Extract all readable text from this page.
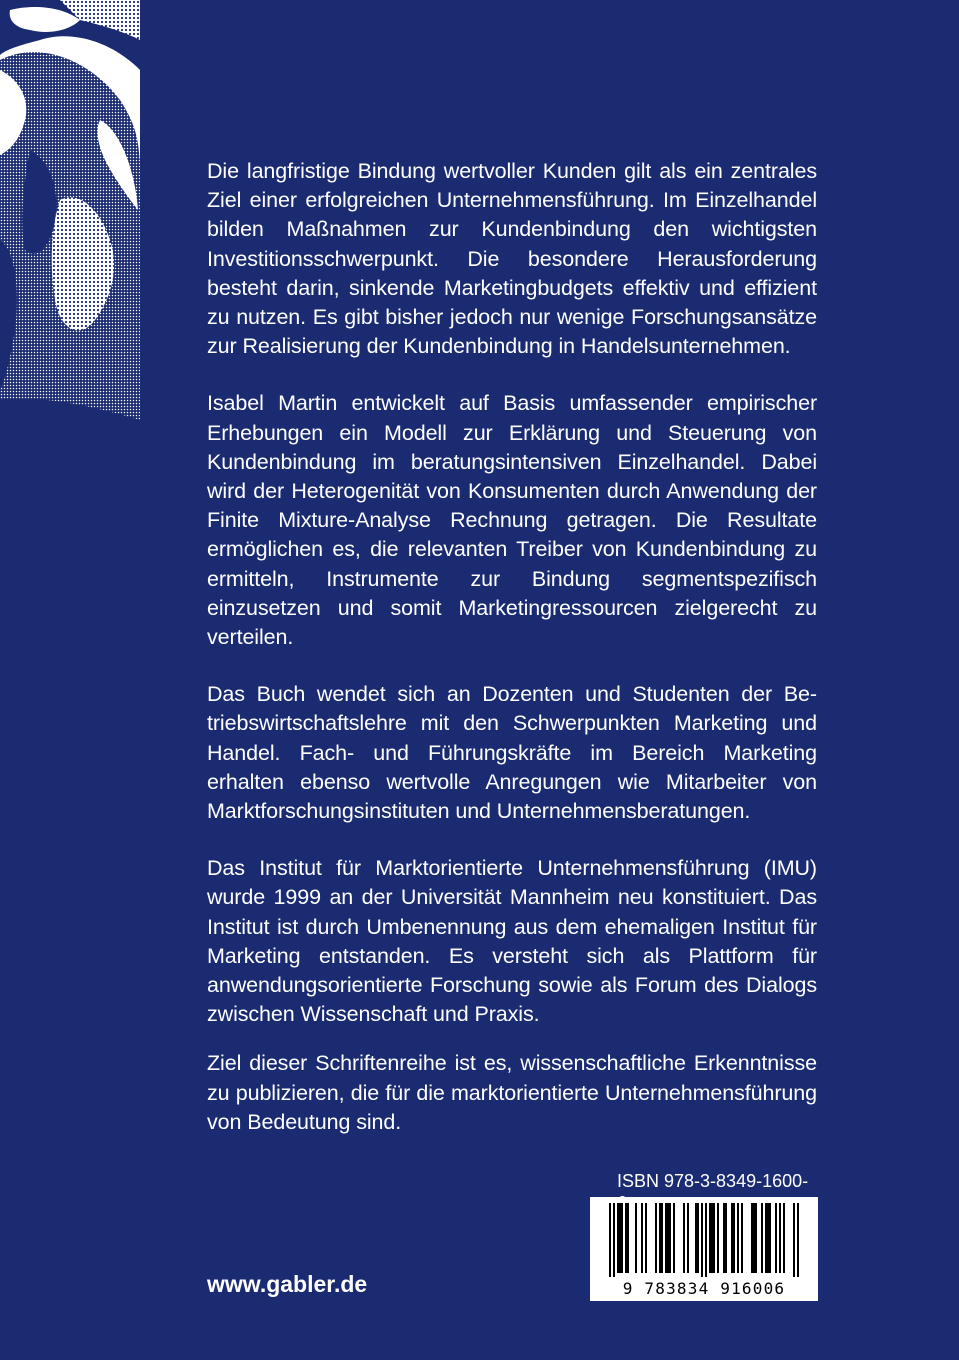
Die langfristige Bindung wertvoller Kunden gilt als ein zentrales Ziel einer erfolgreichen Unternehmensführung. Im Einzelhandel bilden Maßnahmen zur Kundenbindung den wichtigsten Investitionsschwerpunkt. Die besondere Herausforderung besteht darin, sinkende Marketingbudgets effektiv und effizient zu nutzen. Es gibt bisher jedoch nur wenige Forschungsansätze zur Realisierung der Kundenbindung in Handelsunternehmen.

Isabel Martin entwickelt auf Basis umfassender empirischer Erhebungen ein Modell zur Erklärung und Steuerung von Kundenbindung im beratungsintensiven Einzelhandel. Dabei wird der Heterogenität von Konsumenten durch Anwendung der Finite Mixture-Analyse Rechnung getragen. Die Resultate ermöglichen es, die relevanten Treiber von Kundenbindung zu ermitteln, Instrumente zur Bindung segmentspezifisch einzusetzen und somit Marketingressourcen zielgerecht zu verteilen.

Das Buch wendet sich an Dozenten und Studenten der Betriebswirtschaftslehre mit den Schwerpunkten Marketing und Handel. Fach- und Führungskräfte im Bereich Marketing erhalten ebenso wertvolle Anregungen wie Mitarbeiter von Marktforschungsinstituten und Unternehmensberatungen.

Das Institut für Marktorientierte Unternehmensführung (IMU) wurde 1999 an der Universität Mannheim neu konstituiert. Das Institut ist durch Umbenennung aus dem ehemaligen Institut für Marketing entstanden. Es versteht sich als Plattform für anwendungsorientierte Forschung sowie als Forum des Dialogs zwischen Wissenschaft und Praxis.

Ziel dieser Schriftenreihe ist es, wissenschaftliche Erkenntnisse zu publizieren, die für die marktorientierte Unternehmensführung von Bedeutung sind.

ISBN 978-3-8349-1600-
9 783834 916006
www.gabler.de
